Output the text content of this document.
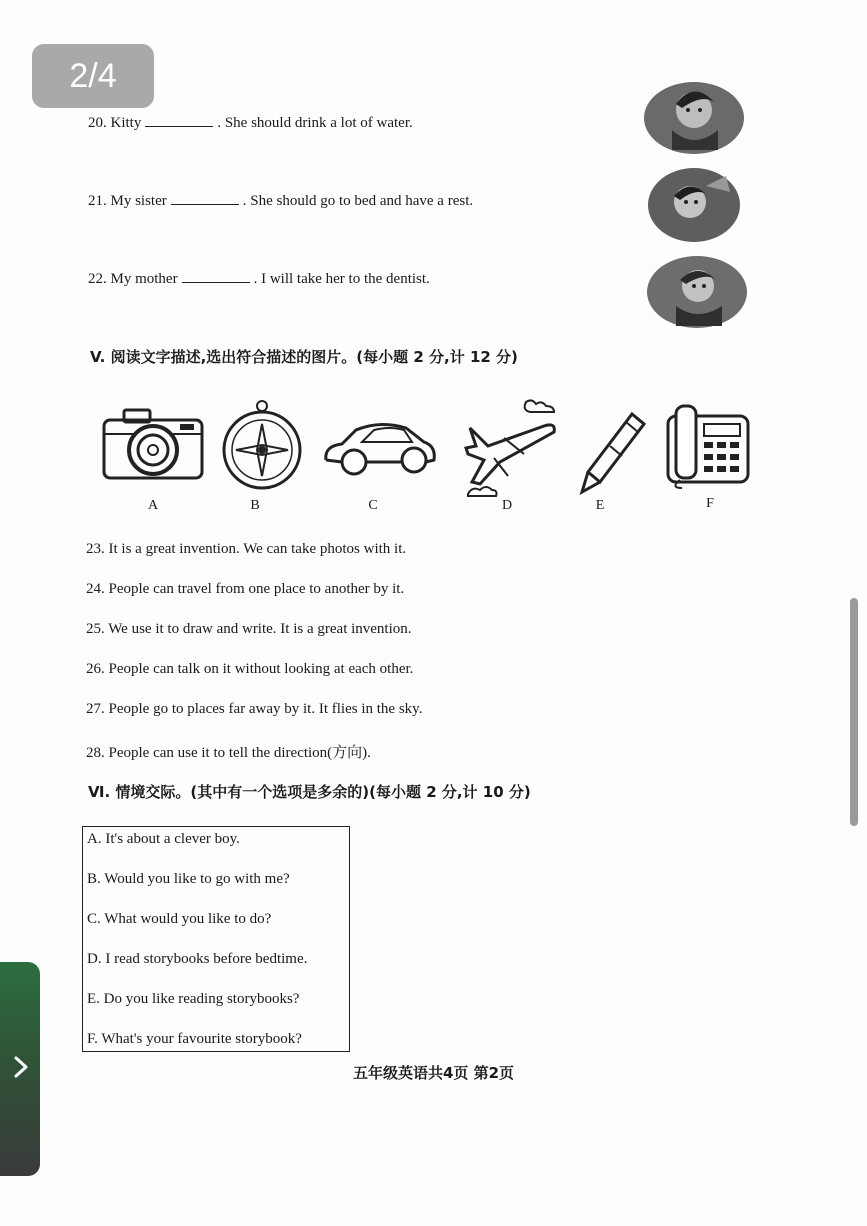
20. Kitty	. She should drink a lot of water.
21. My sister	. She should go to bed and have a rest.
22. My mother	. I will take her to the dentist.
V. 阅读文字描述,选出符合描述的图片。(每小题 2 分,计 12 分)
A	B	C	D	E	F
23. It is a great invention. We can take photos with it.
24. People can travel from one place to another by it.
25. We use it to draw and write. It is a great invention.
26. People can talk on it without looking at each other.
27. People go to places far away by it. It flies in the sky.
28. People can use it to tell the direction(方向).
Ⅵ. 情境交际。(其中有一个选项是多余的)(每小题 2 分,计 10 分)
A. It's about a clever boy.
B. Would you like to go with me?
C. What would you like to do?
D. I read storybooks before bedtime.
E. Do you like reading storybooks?
F. What's your favourite storybook?
五年级英语共4页 第2页
2/4
